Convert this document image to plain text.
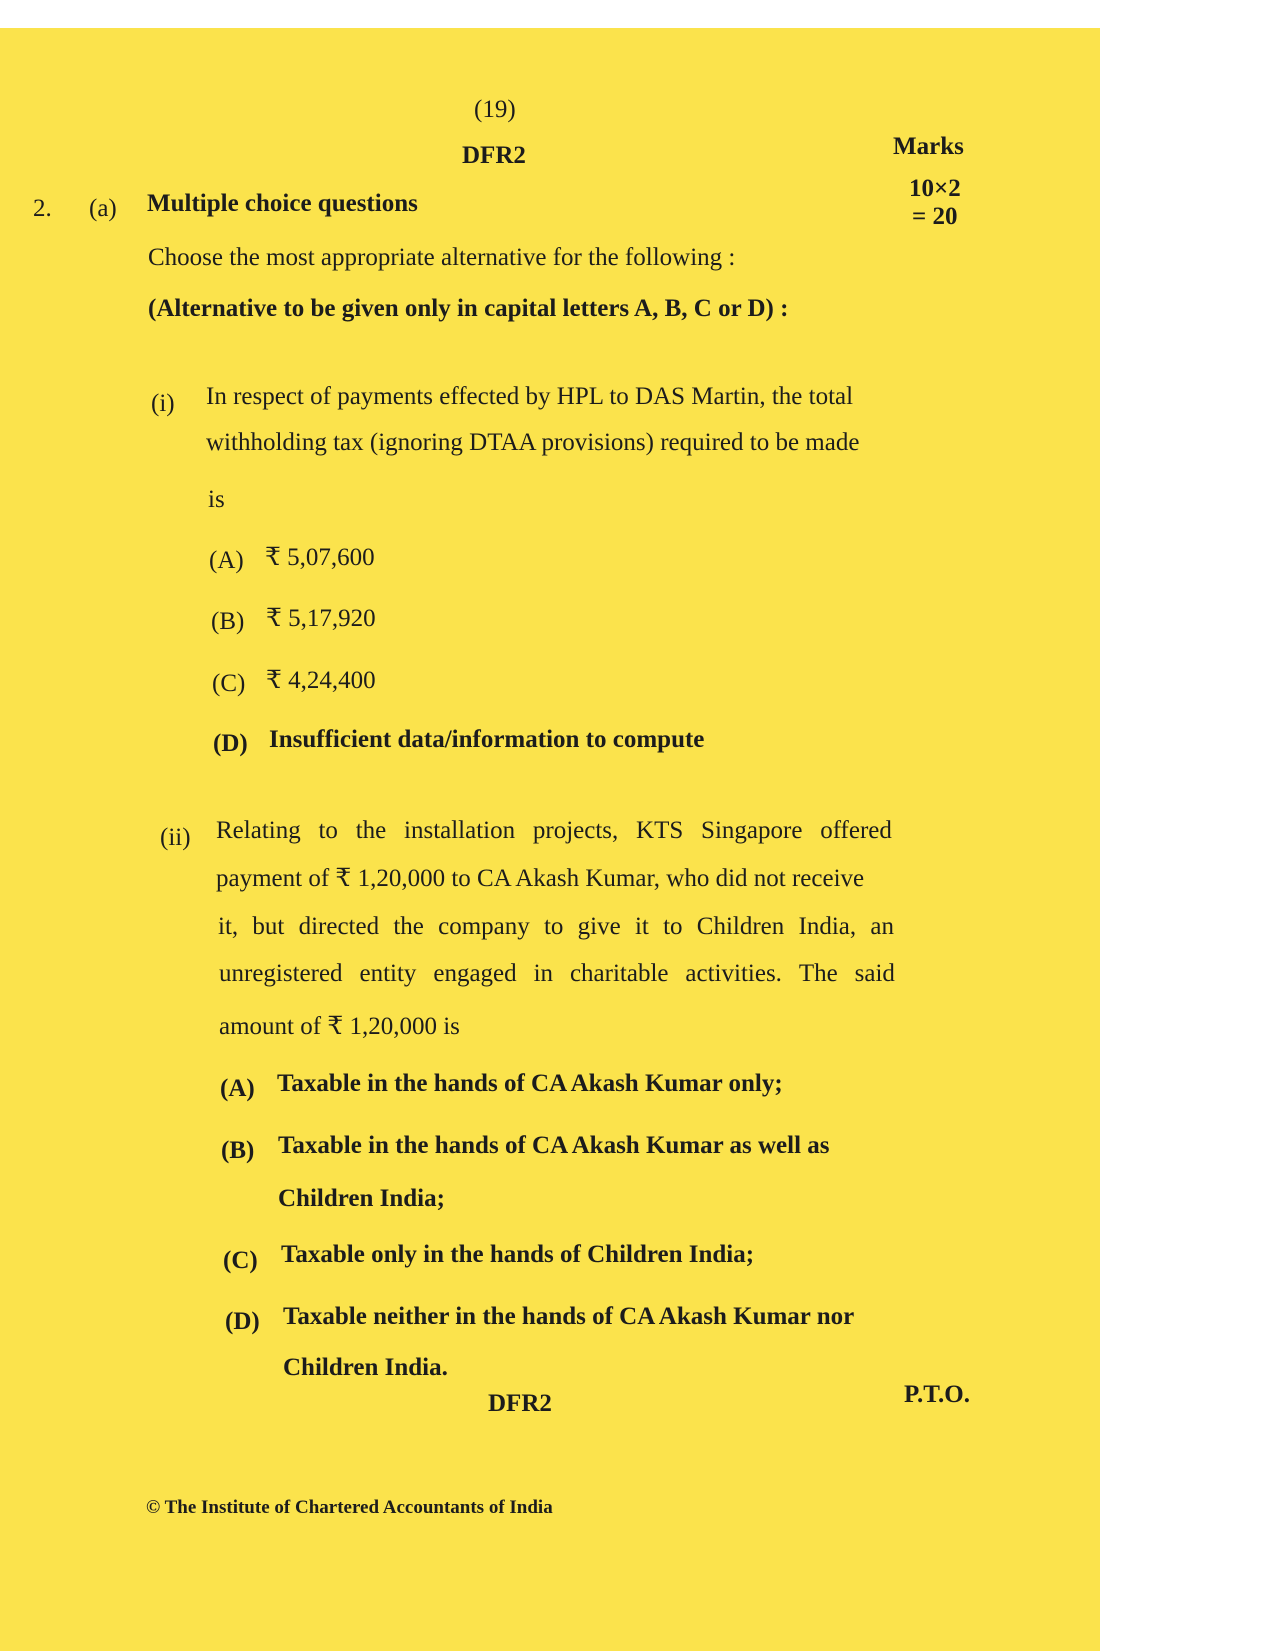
(19)
DFR2	Marks
10×2
= 20
2. (a) Multiple choice questions
Choose the most appropriate alternative for the following :
(Alternative to be given only in capital letters A, B, C or D) :
(i) In respect of payments effected by HPL to DAS Martin, the total
withholding tax (ignoring DTAA provisions) required to be made
is
(A) ₹ 5,07,600
(B) ₹ 5,17,920
(C) ₹ 4,24,400
(D) Insufficient data/information to compute
(ii) Relating to the installation projects, KTS Singapore offered
payment of ₹ 1,20,000 to CA Akash Kumar, who did not receive
it, but directed the company to give it to Children India, an
unregistered entity engaged in charitable activities. The said
amount of ₹ 1,20,000 is
(A) Taxable in the hands of CA Akash Kumar only;
(B) Taxable in the hands of CA Akash Kumar as well as
Children India;
(C) Taxable only in the hands of Children India;
(D) Taxable neither in the hands of CA Akash Kumar nor
Children India.
DFR2	P.T.O.
© The Institute of Chartered Accountants of India
